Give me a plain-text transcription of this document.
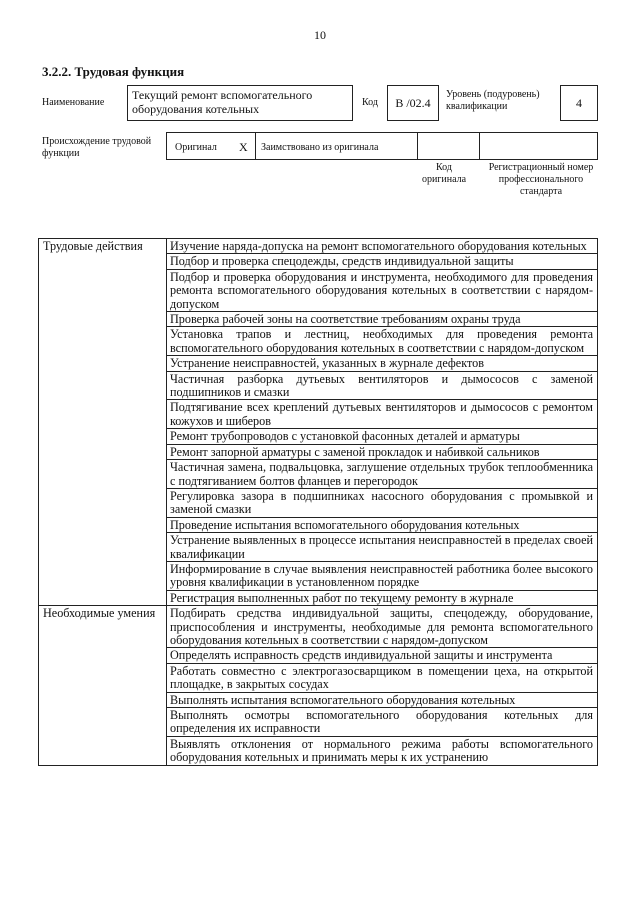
10
3.2.2. Трудовая функция
Наименование
Текущий ремонт вспомогательного оборудования котельных	Код	В /02.4
Уровень (подуровень) квалификации	4
Происхождение трудовой функции
Оригинал X Заимствовано из оригинала
Код оригинала
Регистрационный номер профессионального стандарта
Трудовые действия	Изучение наряда-допуска на ремонт вспомогательного оборудования котельных
	Подбор и проверка спецодежды, средств индивидуальной защиты
	Подбор и проверка оборудования и инструмента, необходимого для проведения ремонта вспомогательного оборудования котельных в соответствии с нарядом-допуском
	Проверка рабочей зоны на соответствие требованиям охраны труда
	Установка трапов и лестниц, необходимых для проведения ремонта вспомогательного оборудования котельных в соответствии с нарядом-допуском
	Устранение неисправностей, указанных в журнале дефектов
	Частичная разборка дутьевых вентиляторов и дымососов с заменой подшипников и смазки
	Подтягивание всех креплений дутьевых вентиляторов и дымососов с ремонтом кожухов и шиберов
	Ремонт трубопроводов с установкой фасонных деталей и арматуры
	Ремонт запорной арматуры с заменой прокладок и набивкой сальников
	Частичная замена, подвальцовка, заглушение отдельных трубок теплообменника с подтягиванием болтов фланцев и перегородок
	Регулировка зазора в подшипниках насосного оборудования с промывкой и заменой смазки
	Проведение испытания вспомогательного оборудования котельных
	Устранение выявленных в процессе испытания неисправностей в пределах своей квалификации
	Информирование в случае выявления неисправностей работника более высокого уровня квалификации в установленном порядке
	Регистрация выполненных работ по текущему ремонту в журнале
Необходимые умения	Подбирать средства индивидуальной защиты, спецодежду, оборудование, приспособления и инструменты, необходимые для ремонта вспомогательного оборудования котельных в соответствии с нарядом-допуском
	Определять исправность средств индивидуальной защиты и инструмента
	Работать совместно с электрогазосварщиком в помещении цеха, на открытой площадке, в закрытых сосудах
	Выполнять испытания вспомогательного оборудования котельных
	Выполнять осмотры вспомогательного оборудования котельных для определения их исправности
	Выявлять отклонения от нормального режима работы вспомогательного оборудования котельных и принимать меры к их устранению
